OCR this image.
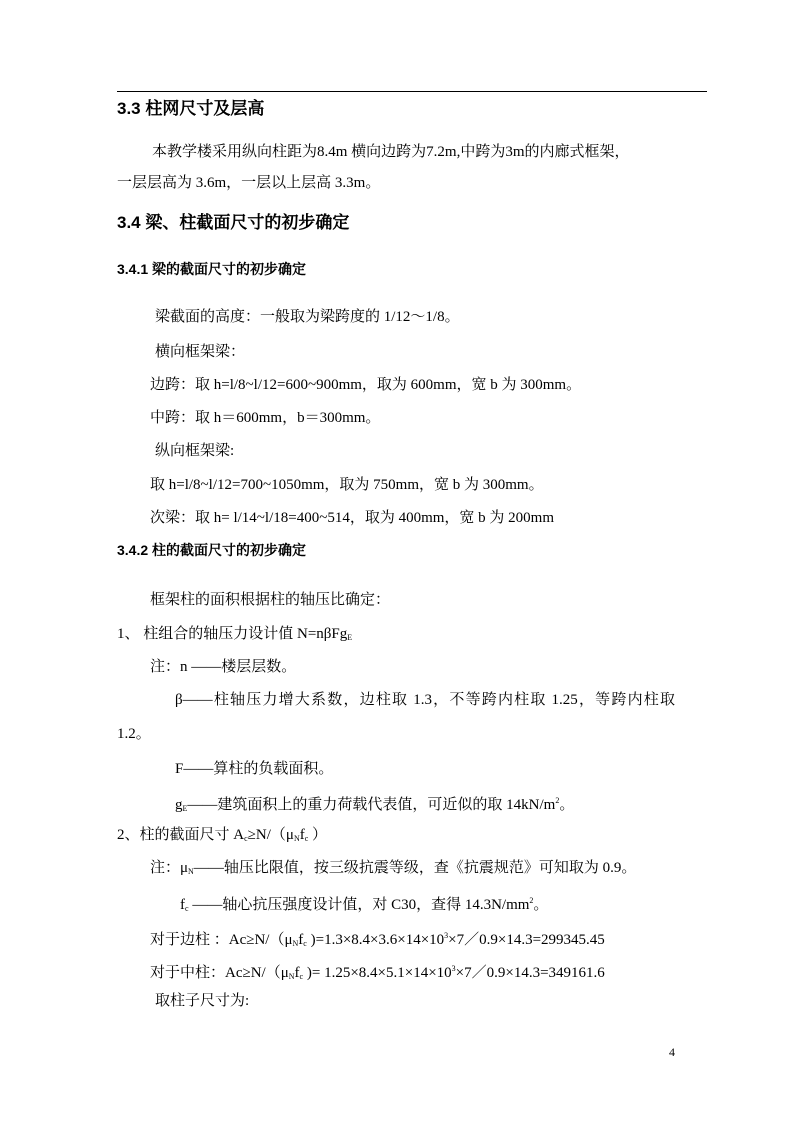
3.3 柱网尺寸及层高
本教学楼采用纵向柱距为8.4m 横向边跨为7.2m,中跨为3m的内廊式框架，
一层层高为 3.6m，一层以上层高 3.3m。
3.4 梁、柱截面尺寸的初步确定
3.4.1 梁的截面尺寸的初步确定
梁截面的高度：一般取为梁跨度的 1/12～1/8。
横向框架梁：
边跨：取 h=l/8~l/12=600~900mm，取为 600mm，宽 b 为 300mm。
中跨：取 h＝600mm，b＝300mm。
纵向框架梁:
取 h=l/8~l/12=700~1050mm，取为 750mm，宽 b 为 300mm。
次梁：取 h= l/14~l/18=400~514，取为 400mm，宽 b 为 200mm
3.4.2 柱的截面尺寸的初步确定
框架柱的面积根据柱的轴压比确定：
1、 柱组合的轴压力设计值 N=nβFg$_E$
注：n ——楼层层数。
β——柱轴压力增大系数，边柱取 1.3，不等跨内柱取 1.25，等跨内柱取
1.2。
F——算柱的负载面积。
$g_E——$建筑面积上的重力荷载代表值，可近似的取 $14kN/m^2$。
2、柱的截面尺寸 $A_c\ge N/(\mu_Nf_c$ ）
注：$\mu_N——$轴压比限值，按三级抗震等级，查《抗震规范》可知取为 0.9。
$f_c$ ——轴心抗压强度设计值，对 C30，查得 $14.3N/mm^2$。
对于边柱 ：$Ac\ge N/(\mu_Nf_c$ )$=1.3\times 8.4\times 3.6\times 14\times 10^3\times 7/0.9\times 14.3=299345.45$
对于中柱：$Ac\ge N/(\mu_Nf_c$ )= $1.25\times 8.4\times 5.1\times 14\times 10^3\times 7/0.9\times 14.3=349161.6$
取柱子尺寸为:
4
